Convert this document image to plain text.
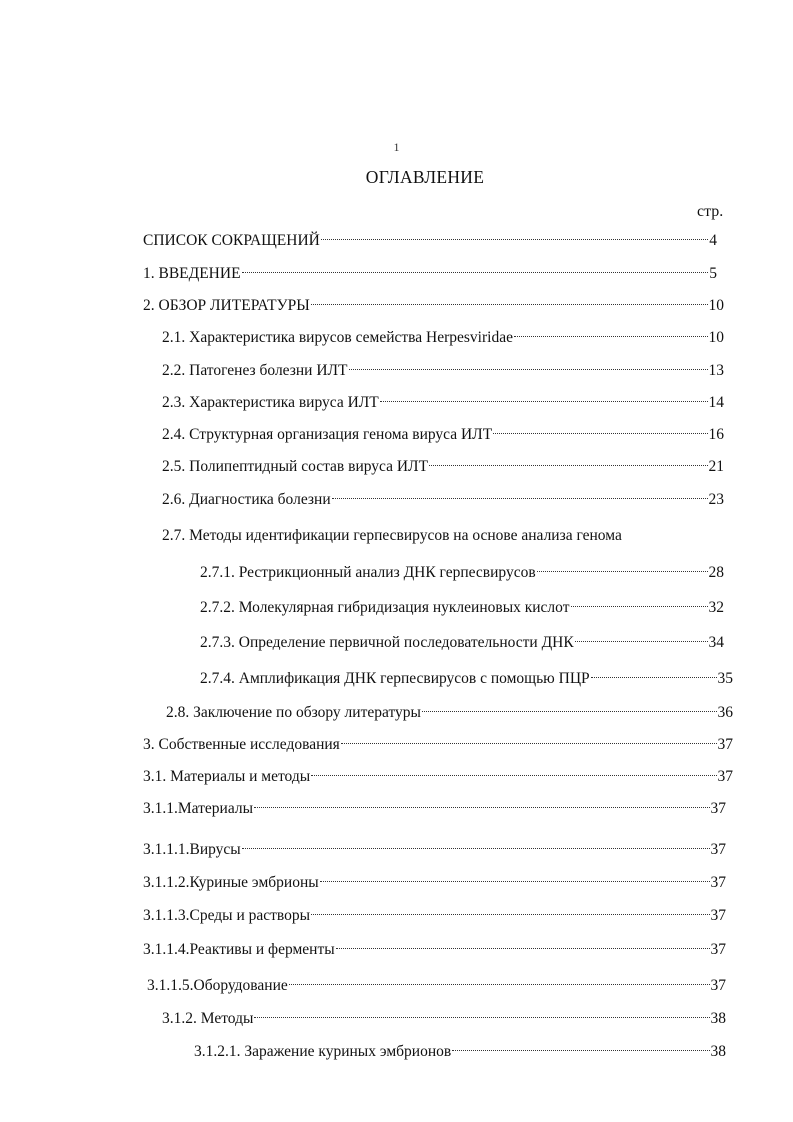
1
ОГЛАВЛЕНИЕ
стр.
СПИСОК СОКРАЩЕНИЙ	4
1. ВВЕДЕНИЕ	5
2. ОБЗОР ЛИТЕРАТУРЫ	10
2.1. Характеристика вирусов семейства Herpesviridae	10
2.2. Патогенез болезни ИЛТ	13
2.3. Характеристика вируса ИЛТ	14
2.4. Структурная организация генома вируса ИЛТ	16
2.5. Полипептидный состав вируса ИЛТ	21
2.6. Диагностика болезни	23
2.7. Методы идентификации герпесвирусов на основе анализа генома
2.7.1. Рестрикционный анализ ДНК герпесвирусов	28
2.7.2. Молекулярная гибридизация нуклеиновых кислот	32
2.7.3. Определение первичной последовательности ДНК	34
2.7.4. Амплификация ДНК герпесвирусов с помощью ПЦР	35
2.8. Заключение по обзору литературы	36
3. Собственные исследования	37
3.1. Материалы и методы	37
3.1.1.Материалы	37
3.1.1.1.Вирусы	37
3.1.1.2.Куриные эмбрионы	37
3.1.1.3.Среды и растворы	37
3.1.1.4.Реактивы и ферменты	37
3.1.1.5.Оборудование	37
3.1.2. Методы	38
3.1.2.1. Заражение куриных эмбрионов	38
